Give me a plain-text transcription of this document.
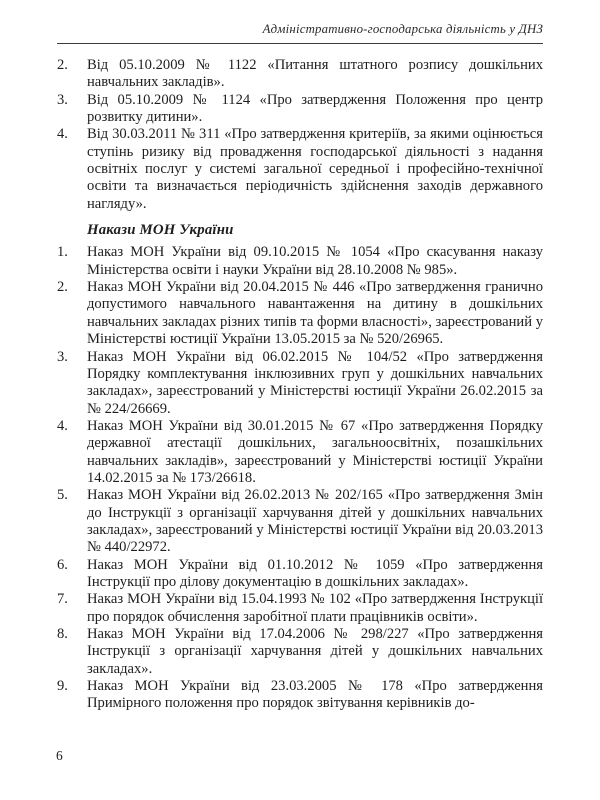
Адміністративно-господарська діяльність у ДНЗ
2.	Від 05.10.2009 № 1122 «Питання штатного розпису дошкільних навчальних закладів».
3.	Від 05.10.2009 № 1124 «Про затвердження Положення про центр розвитку дитини».
4.	Від 30.03.2011 № 311 «Про затвердження критеріїв, за якими оцінюється ступінь ризику від провадження господарської діяльності з надання освітніх послуг у системі загальної середньої і професійно-технічної освіти та визначається періодичність здійснення заходів державного нагляду».
Накази МОН України
1.	Наказ МОН України від 09.10.2015 № 1054 «Про скасування наказу Міністерства освіти і науки України від 28.10.2008 № 985».
2.	Наказ МОН України від 20.04.2015 № 446 «Про затвердження гранично допустимого навчального навантаження на дитину в дошкільних навчальних закладах різних типів та форми власності», зареєстрований у Міністерстві юстиції України 13.05.2015 за № 520/26965.
3.	Наказ МОН України від 06.02.2015 № 104/52 «Про затвердження Порядку комплектування інклюзивних груп у дошкільних навчальних закладах», зареєстрований у Міністерстві юстиції України 26.02.2015 за № 224/26669.
4.	Наказ МОН України від 30.01.2015 № 67 «Про затвердження Порядку державної атестації дошкільних, загальноосвітніх, позашкільних навчальних закладів», зареєстрований у Міністерстві юстиції України 14.02.2015 за № 173/26618.
5.	Наказ МОН України від 26.02.2013 № 202/165 «Про затвердження Змін до Інструкції з організації харчування дітей у дошкільних навчальних закладах», зареєстрований у Міністерстві юстиції України від 20.03.2013 № 440/22972.
6.	Наказ МОН України від 01.10.2012 № 1059 «Про затвердження Інструкції про ділову документацію в дошкільних закладах».
7.	Наказ МОН України від 15.04.1993 № 102 «Про затвердження Інструкції про порядок обчислення заробітної плати працівників освіти».
8.	Наказ МОН України від 17.04.2006 № 298/227 «Про затвердження Інструкції з організації харчування дітей у дошкільних навчальних закладах».
9.	Наказ МОН України від 23.03.2005 № 178 «Про затвердження Примірного положення про порядок звітування керівників до-
6
